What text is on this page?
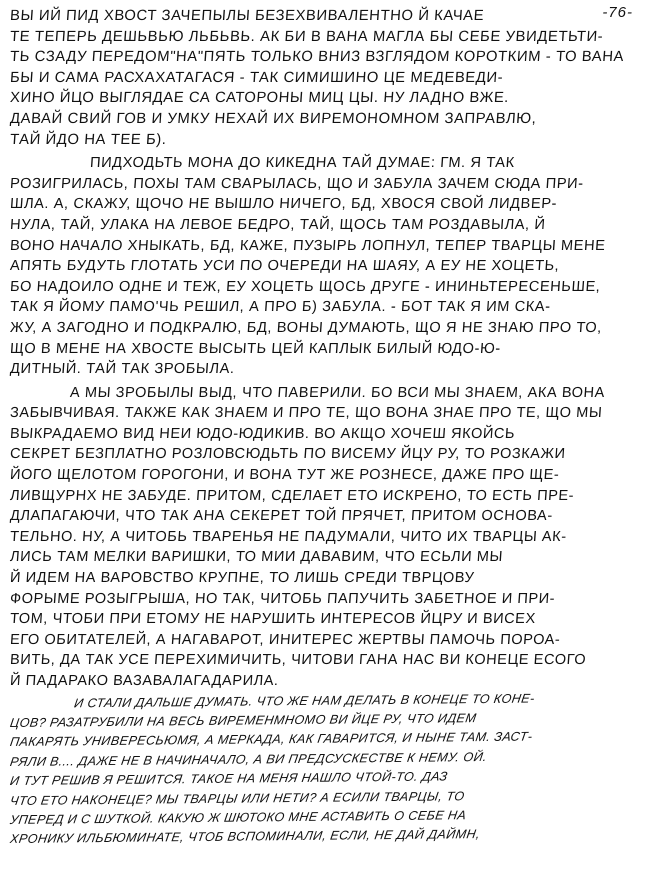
-76-
ВЫ ИЙ ПИД ХВОСТ ЗАЧЕПЫЛЫ БЕЗЕХВИВАЛЕНТНО Й КАЧАЕ
ТЕ ТЕПЕРЬ ДЕШЬВЬЮ ЛЬБЬВЬ. АК БИ В ВАНА МАГЛА БЫ СЕБЕ УВИДЕТЬТИ-
ТЬ СЗАДУ ПЕРЕДОМ"НА"ПЯТЬ ТОЛЬКО ВНИЗ ВЗГЛЯДОМ КОРОТКИМ - ТО ВАНА
БЫ И САМА РАСХАХАТАГАСЯ - ТАК СИМИШИНО ЦЕ МЕДЕВЕДИ-
ХИНО ЙЦО ВЫГЛЯДАЕ СА САТОРОНЫ МИЦ ЦЫ. НУ ЛАДНО ВЖЕ.
ДАВАЙ СВИЙ ГОВ И УМКУ НЕХАЙ ИХ ВИРЕМОНОМНОМ ЗАПРАВЛЮ,
ТАЙ ЙДО НА ТЕЕ Б).
ПИДХОДЬТЬ МОНА ДО КИКЕДНА ТАЙ ДУМАЕ: ГМ. Я ТАК
РОЗИГРИЛАСЬ, ПОХЫ ТАМ СВАРЫЛАСЬ, ЩО И ЗАБУЛА ЗАЧЕМ СЮДА ПРИ-
ШЛА. А, СКАЖУ, ЩОЧО НЕ ВЫШЛО НИЧЕГО, БД, ХВОСЯ СВОЙ ЛИДВЕР-
НУЛА, ТАЙ, УЛАКА НА ЛЕВОЕ БЕДРО, ТАЙ, ЩОСЬ ТАМ РОЗДАВЫЛА, Й
ВОНО НАЧАЛО ХНЫКАТЬ, БД, КАЖЕ, ПУЗЫРЬ ЛОПНУЛ, ТЕПЕР ТВАРЦЫ МЕНЕ
АПЯТЬ БУДУТЬ ГЛОТАТЬ УСИ ПО ОЧЕРЕДИ НА ШАЯУ, А ЕУ НЕ ХОЦЕТЬ,
БО НАДОИЛО ОДНЕ И ТЕЖ, ЕУ ХОЦЕТЬ ЩОСЬ ДРУГЕ - ИНИНЬТЕРЕСЕНЬШЕ,
ТАК Я ЙОМУ ПАМО'ЧЬ РЕШИЛ, А ПРО Б) ЗАБУЛА. - БОТ ТАК Я ИМ СКА-
ЖУ, А ЗАГОДНО И ПОДКРАЛЮ, БД, ВОНЫ ДУМАЮТЬ, ЩО Я НЕ ЗНАЮ ПРО ТО,
ЩО В МЕНЕ НА ХВОСТЕ ВЫСЫТЬ ЦЕЙ КАПЛЫК БИЛЫЙ ЮДО-Ю-
ДИТНЫЙ. ТАЙ ТАК ЗРОБЫЛА.
А МЫ ЗРОБЫЛЫ ВЫД, ЧТО ПАВЕРИЛИ. БО ВСИ МЫ ЗНАЕМ, АКА ВОНА
ЗАБЫВЧИВАЯ. ТАКЖЕ КАК ЗНАЕМ И ПРО ТЕ, ЩО ВОНА ЗНАЕ ПРО ТЕ, ЩО МЫ
ВЫКРАДАЕМО ВИД НЕИ ЮДО-ЮДИКИВ. ВО АКЩО ХОЧЕШ ЯКОЙСЬ
СЕКРЕТ БЕЗПЛАТНО РОЗЛОВСЮДЬТЬ ПО ВИСЕМУ ЙЦУ РУ, ТО РОЗКАЖИ
ЙОГО ЩЕЛОТОМ ГОРОГОНИ, И ВОНА ТУТ ЖЕ РОЗНЕСЕ, ДАЖЕ ПРО ЩЕ-
ЛИВЩУРНХ НЕ ЗАБУДЕ. ПРИТОМ, СДЕЛАЕТ ЕТО ИСКРЕНО, ТО ЕСТЬ ПРЕ-
ДЛАПАГАЮЧИ, ЧТО ТАК АНА СЕКЕРЕТ ТОЙ ПРЯЧЕТ, ПРИТОМ ОСНОВА-
ТЕЛЬНО. НУ, А ЧИТОБЬ ТВАРЕНЬЯ НЕ ПАДУМАЛИ, ЧИТО ИХ ТВАРЦЫ АК-
ЛИСЬ ТАМ МЕЛКИ ВАРИШКИ, ТО МИИ ДАВАВИМ, ЧТО ЕСЬЛИ МЫ
Й ИДЕМ НА ВАРОВСТВО КРУПНЕ, ТО ЛИШЬ СРЕДИ ТВРЦОВУ
ФОРЫМЕ РОЗЫГРЫША, НО ТАК, ЧИТОБЬ ПАПУЧИТЬ ЗАБЕТНОЕ И ПРИ-
ТОМ, ЧТОБИ ПРИ ЕТОМУ НЕ НАРУШИТЬ ИНТЕРЕСОВ ЙЦРУ И ВИСЕХ
ЕГО ОБИТАТЕЛЕЙ, А НАГАВАРОТ, ИНИТЕРЕС ЖЕРТВЫ ПАМОЧЬ ПОРОА-
ВИТЬ, ДА ТАК УСЕ ПЕРЕХИМИЧИТЬ, ЧИТОВИ ГАНА НАС ВИ КОНЕЦЕ ЕСОГО
Й ПАДАРАКО ВАЗАВАЛАГАДАРИЛА.
И СТАЛИ ДАЛЬШЕ ДУМАТЬ. ЧТО ЖЕ НАМ ДЕЛАТЬ В КОНЕЦЕ ТО КОНЕ-
ЦОВ? РАЗАТРУБИЛИ НА ВЕСЬ ВИРЕМЕНМНОМО ВИ ЙЦЕ РУ, ЧТО ИДЕМ
ПАКАРЯТЬ УНИВЕРЕСЬЮМЯ, А МЕРКАДА, КАК ГАВАРИТСЯ, И НЫНЕ ТАМ. ЗАСТ-
РЯЛИ В.... ДАЖЕ НЕ В НАЧИНАЧАЛО, А ВИ ПРЕДСУСКЕСТВЕ К НЕМУ. ОЙ.
И ТУТ РЕШИВ Я РЕШИТСЯ. ТАКОЕ НА МЕНЯ НАШЛО ЧТОЙ-ТО. ДАЗ
ЧТО ЕТО НАКОНЕЦЕ? МЫ ТВАРЦЫ ИЛИ НЕТИ? А ЕСИЛИ ТВАРЦЫ, ТО
УПЕРЕД И С ШУТКОЙ. КАКУЮ Ж ШЮТОКО МНЕ АСТАВИТЬ О СЕБЕ НА
ХРОНИКУ ИЛЬБЮМИНАТЕ, ЧТОБ ВСПОМИНАЛИ, ЕСЛИ, НЕ ДАЙ ДАЙМН,
